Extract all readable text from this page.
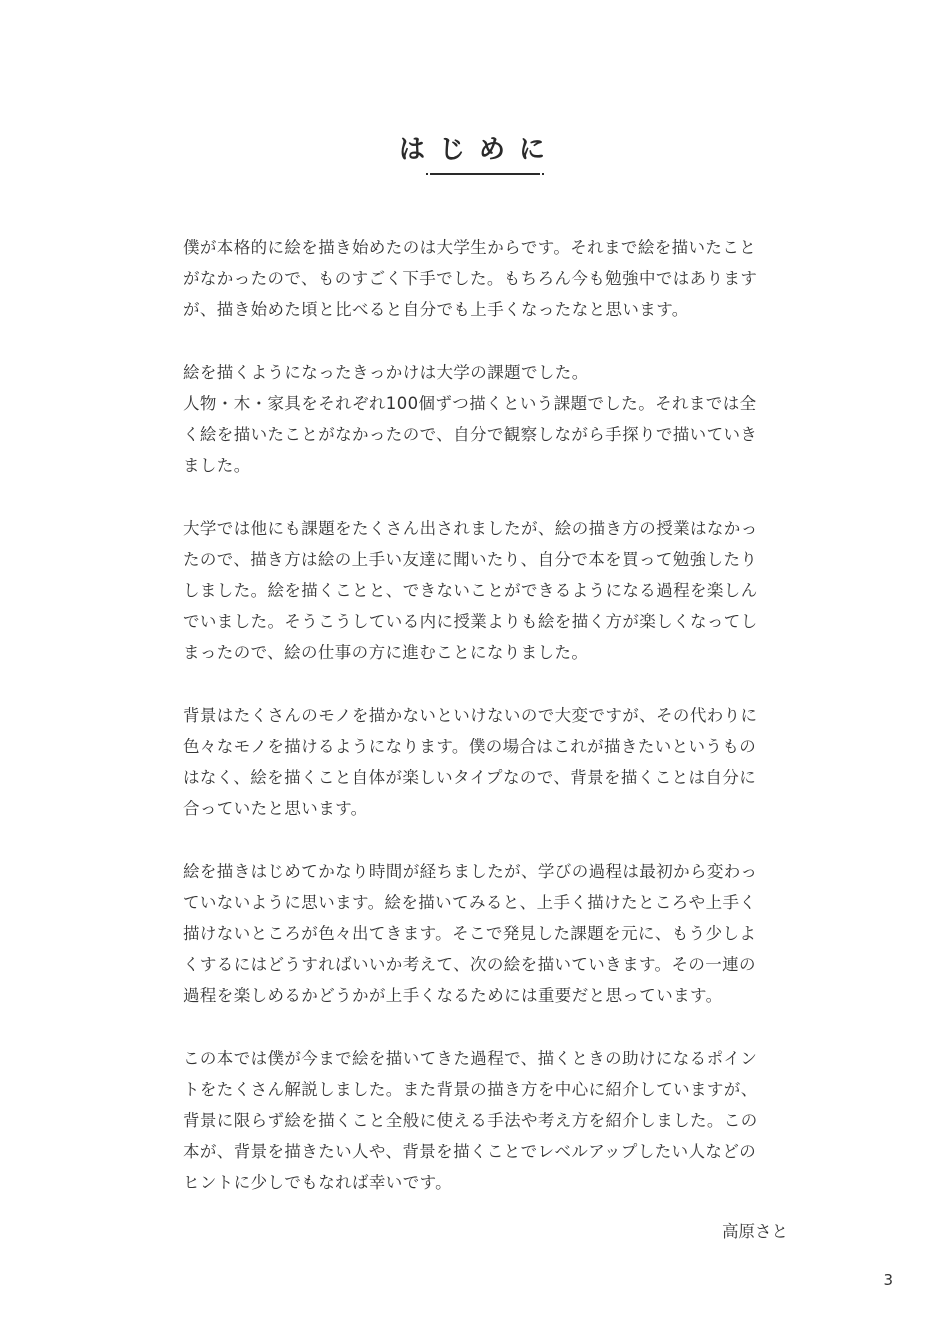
はじめに
僕が本格的に絵を描き始めたのは大学生からです。それまで絵を描いたこと
がなかったので、ものすごく下手でした。もちろん今も勉強中ではあります
が、描き始めた頃と比べると自分でも上手くなったなと思います。
絵を描くようになったきっかけは大学の課題でした。
人物・木・家具をそれぞれ100個ずつ描くという課題でした。それまでは全
く絵を描いたことがなかったので、自分で観察しながら手探りで描いていき
ました。
大学では他にも課題をたくさん出されましたが、絵の描き方の授業はなかっ
たので、描き方は絵の上手い友達に聞いたり、自分で本を買って勉強したり
しました。絵を描くことと、できないことができるようになる過程を楽しん
でいました。そうこうしている内に授業よりも絵を描く方が楽しくなってし
まったので、絵の仕事の方に進むことになりました。
背景はたくさんのモノを描かないといけないので大変ですが、その代わりに
色々なモノを描けるようになります。僕の場合はこれが描きたいというもの
はなく、絵を描くこと自体が楽しいタイプなので、背景を描くことは自分に
合っていたと思います。
絵を描きはじめてかなり時間が経ちましたが、学びの過程は最初から変わっ
ていないように思います。絵を描いてみると、上手く描けたところや上手く
描けないところが色々出てきます。そこで発見した課題を元に、もう少しよ
くするにはどうすればいいか考えて、次の絵を描いていきます。その一連の
過程を楽しめるかどうかが上手くなるためには重要だと思っています。
この本では僕が今まで絵を描いてきた過程で、描くときの助けになるポイン
トをたくさん解説しました。また背景の描き方を中心に紹介していますが、
背景に限らず絵を描くこと全般に使える手法や考え方を紹介しました。この
本が、背景を描きたい人や、背景を描くことでレベルアップしたい人などの
ヒントに少しでもなれば幸いです。
高原さと
3
